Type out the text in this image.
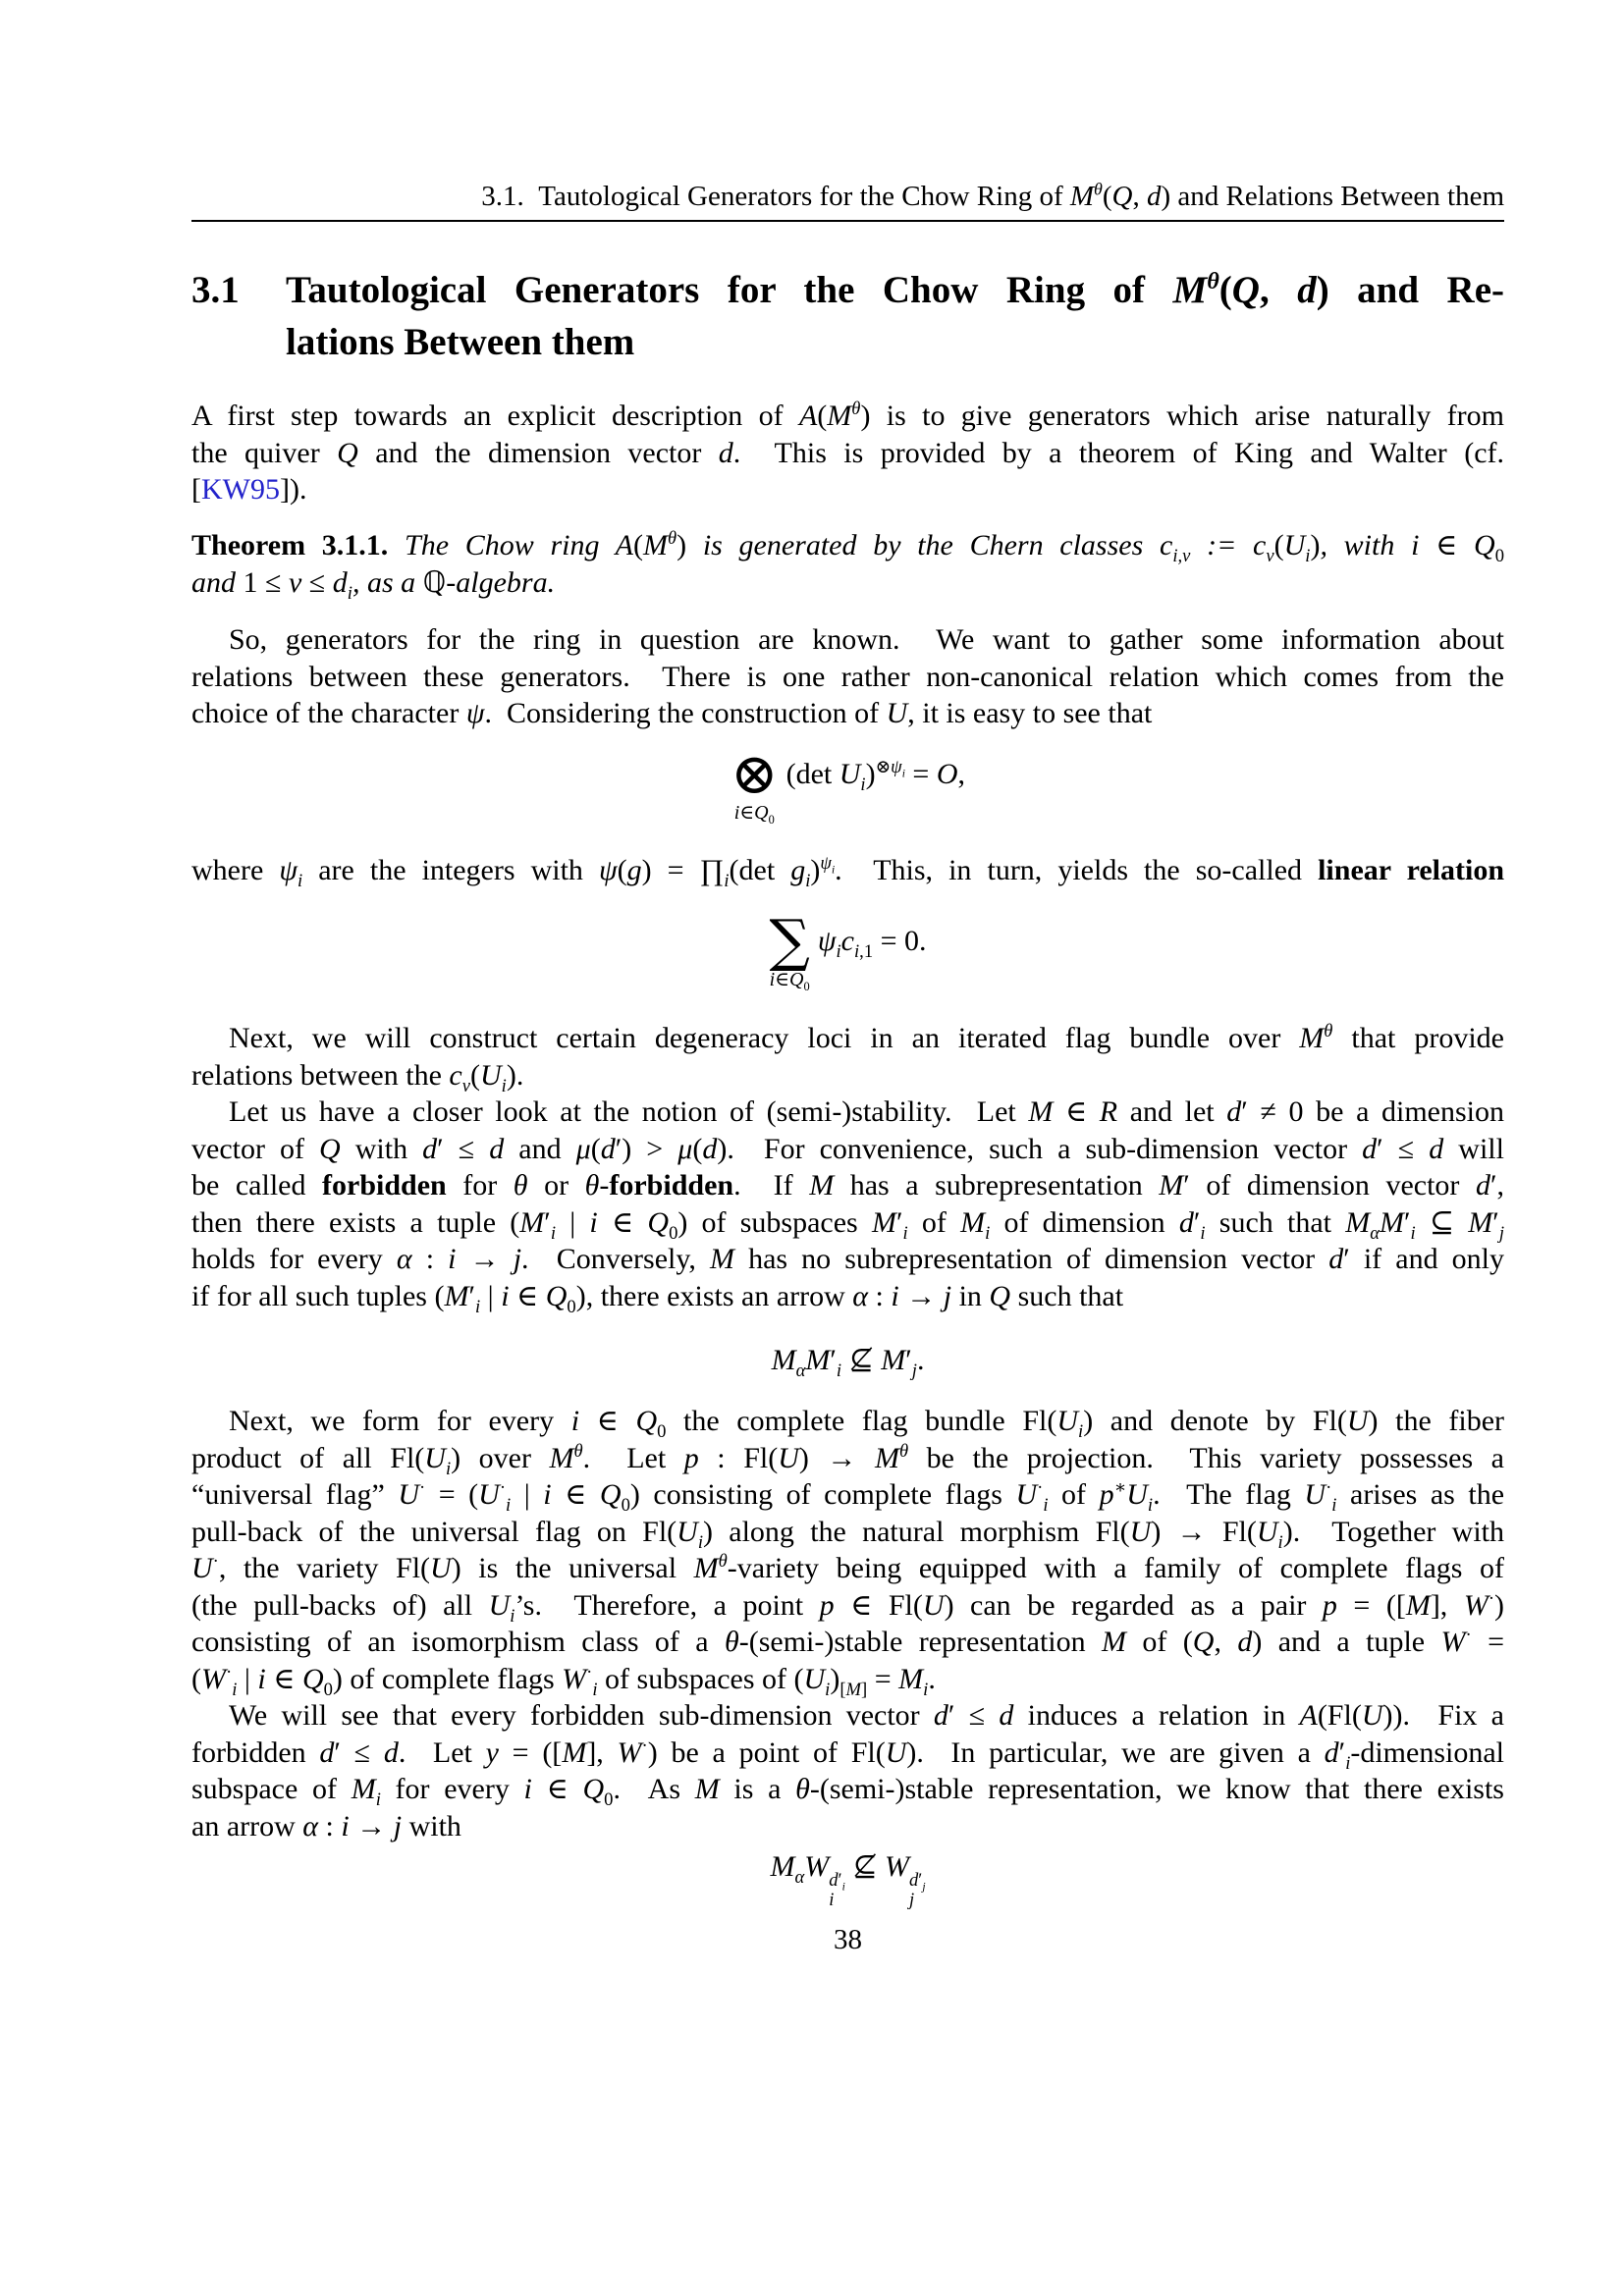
3.1.  Tautological Generators for the Chow Ring of $M^\theta(Q$, d) and Relations Between them
3.1	Tautological Generators for the Chow Ring of $M^\theta(Q$, d) and Re-
lations Between them
A first step towards an explicit description of $A(M^\theta)$ is to give generators which arise naturally from
the quiver Q and the dimension vector d.  This is provided by a theorem of King and Walter (cf.
[KW95]).
Theorem 3.1.1. The Chow ring $A(M^\theta)$ is generated by the Chern classes $c_{i,\nu}$ := $c_\nu(U_i)$, with i ∈ $Q_0$
and $1 \le \nu \le d_i$, as a ℚ-algebra.
So, generators for the ring in question are known.  We want to gather some information about
relations between these generators.  There is one rather non-canonical relation which comes from the
choice of the character ψ.  Considering the construction of U, it is easy to see that
⊗
$i\in Q_0$
(det $U_i)^{\otimes\psi_i} = O$,
where $\psi_i$ are the integers with $\psi(g) = \prod_i(\det$ $g_i)^{\psi_i}$.  This, in turn, yields the so-called linear relation
∑
$i\in Q_0$
$\psi_ic_{i,1} = 0$.
Next, we will construct certain degeneracy loci in an iterated flag bundle over $M^\theta$ that provide
relations between the $c_\nu(U_i)$.
Let us have a closer look at the notion of (semi-)stability.  Let M ∈ R and let d′ ≠ 0 be a dimension
vector of Q with d′ ≤ d and μ(d′) > μ(d).  For convenience, such a sub-dimension vector d′ ≤ d will
be called forbidden for θ or θ-forbidden.  If M has a subrepresentation M′ of dimension vector d′,
then there exists a tuple ($M'_i$ | i ∈ $Q_0$) of subspaces $M'_i$ of $M_i$ of dimension $d'_i$ such that $M_\alpha M'_i$ ⊆ $M'_j$
holds for every α : i → j.  Conversely, M has no subrepresentation of dimension vector d′ if and only
if for all such tuples ($M'_i$ | i ∈ $Q_0$), there exists an arrow α : i → j in Q such that
$M_\alpha M'_i$ ⊈ $M'_j$.
Next, we form for every i ∈ $Q_0$ the complete flag bundle $Fl(U_i)$ and denote by Fl(U) the fiber
product of all $Fl(U_i)$ over $M^\theta$.  Let p : $Fl(U) \to M^\theta$ be the projection.  This variety possesses a
“universal flag” $U^\cdot = (U^\cdot_i$ | i ∈ $Q_0$) consisting of complete flags $U^\cdot_i$ of $p^∗U_i$.  The flag $U^\cdot_i$ arises as the
pull-back of the universal flag on $Fl(U_i)$ along the natural morphism $Fl(U) \to Fl(U_i)$.  Together with
U·, the variety Fl(U) is the universal $M^\theta$-variety being equipped with a family of complete flags of
(the pull-backs of) all $U_i’s$.  Therefore, a point p ∈ Fl(U) can be regarded as a pair p = ([M], W·)
consisting of an isomorphism class of a θ-(semi-)stable representation M of (Q, d) and a tuple W· =
($W^\cdot_i$ | i ∈ $Q_0$) of complete flags $W^\cdot_i$ of subspaces of $(U_i)_{[M]} = M_i$.
We will see that every forbidden sub-dimension vector d′ ≤ d induces a relation in A(Fl(U)).  Fix a
forbidden d′ ≤ d.  Let y = ([M], W·) be a point of Fl(U).  In particular, we are given a $d'_i$-dimensional
subspace of $M_i$ for every i ∈ $Q_0$.  As M is a θ-(semi-)stable representation, we know that there exists
an arrow α : i → j with
$M_\alpha W$ $d'_i$
i
⊈ W $d'_j$
j
38
